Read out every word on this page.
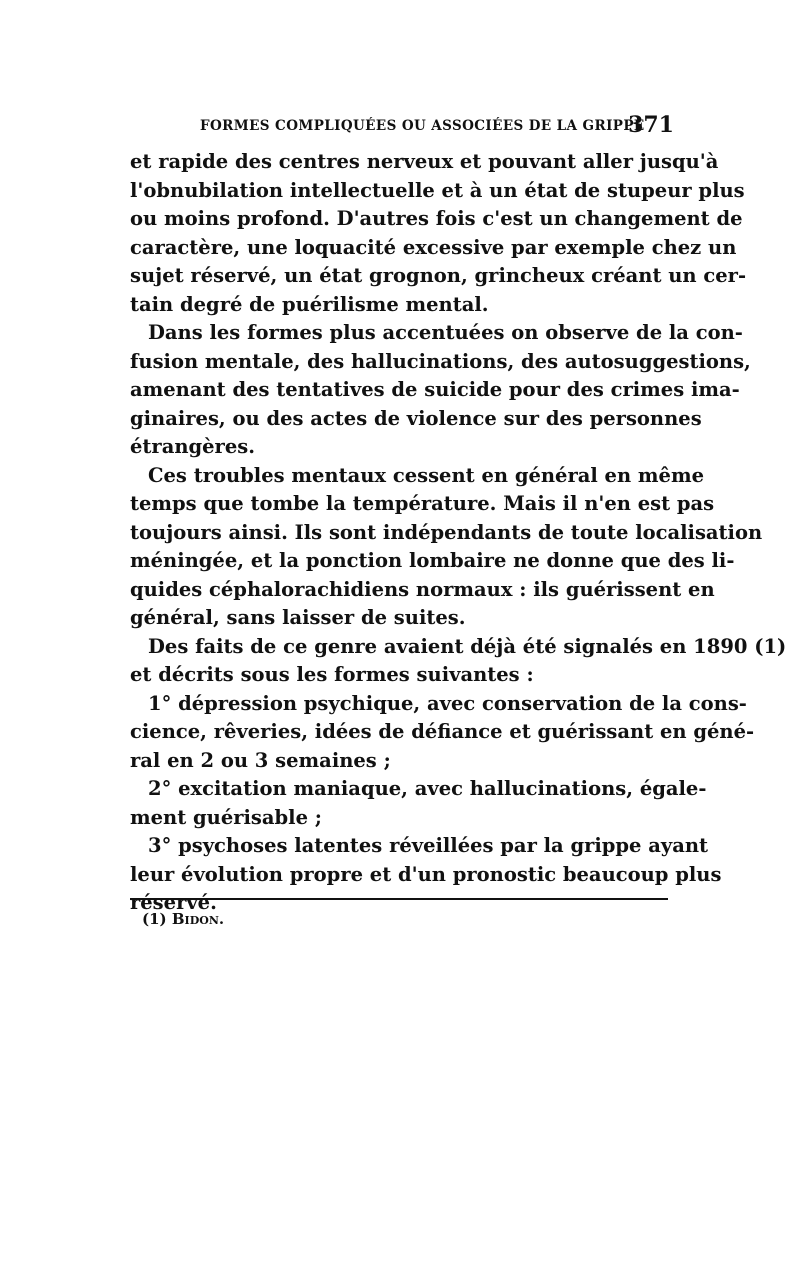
FORMES COMPLIQUÉES OU ASSOCIÉES DE LA GRIPPE
371
et rapide des centres nerveux et pouvant aller jusqu'à
l'obnubilation intellectuelle et à un état de stupeur plus
ou moins profond. D'autres fois c'est un changement de
caractère, une loquacité excessive par exemple chez un
sujet réservé, un état grognon, grincheux créant un cer-
tain degré de puérilisme mental.
Dans les formes plus accentuées on observe de la con-
fusion mentale, des hallucinations, des autosuggestions,
amenant des tentatives de suicide pour des crimes ima-
ginaires, ou des actes de violence sur des personnes
étrangères.
Ces troubles mentaux cessent en général en même
temps que tombe la température. Mais il n'en est pas
toujours ainsi. Ils sont indépendants de toute localisation
méningée, et la ponction lombaire ne donne que des li-
quides céphalorachidiens normaux : ils guérissent en
général, sans laisser de suites.
Des faits de ce genre avaient déjà été signalés en 1890 (1)
et décrits sous les formes suivantes :
1° dépression psychique, avec conservation de la cons-
cience, rêveries, idées de défiance et guérissant en géné-
ral en 2 ou 3 semaines ;
2° excitation maniaque, avec hallucinations, égale-
ment guérisable ;
3° psychoses latentes réveillées par la grippe ayant
leur évolution propre et d'un pronostic beaucoup plus
réservé.
(1) Bidon.
